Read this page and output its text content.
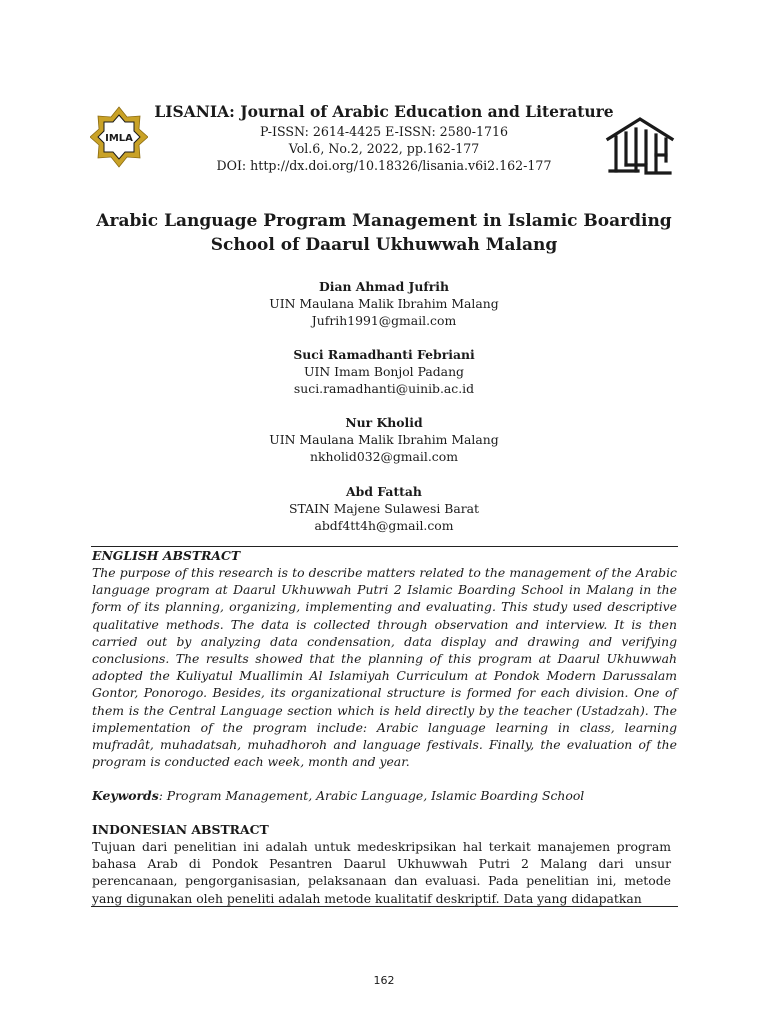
IMLA
LISANIA: Journal of Arabic Education and Literature
P-ISSN: 2614-4425 E-ISSN: 2580-1716
Vol.6, No.2, 2022, pp.162-177
DOI: http://dx.doi.org/10.18326/lisania.v6i2.162-177
Arabic Language Program Management in Islamic Boarding
School of Daarul Ukhuwwah Malang
Dian Ahmad Jufrih
UIN Maulana Malik Ibrahim Malang
Jufrih1991@gmail.com
Suci Ramadhanti Febriani
UIN Imam Bonjol Padang
suci.ramadhanti@uinib.ac.id
Nur Kholid
UIN Maulana Malik Ibrahim Malang
nkholid032@gmail.com
Abd Fattah
STAIN Majene Sulawesi Barat
abdf4tt4h@gmail.com
ENGLISH ABSTRACT
The purpose of this research is to describe matters related to the management of the Arabic language program at Daarul Ukhuwwah Putri 2 Islamic Boarding School in Malang in the form of its planning, organizing, implementing and evaluating. This study used descriptive qualitative methods. The data is collected through observation and interview. It is then carried out by analyzing data condensation, data display and drawing and verifying conclusions. The results showed that the planning of this program at Daarul Ukhuwwah adopted the Kuliyatul Muallimin Al Islamiyah Curriculum at Pondok Modern Darussalam Gontor, Ponorogo. Besides, its organizational structure is formed for each division. One of them is the Central Language section which is held directly by the teacher (Ustadzah). The implementation of the program include: Arabic language learning in class, learning mufradât, muhadatsah, muhadhoroh and language festivals. Finally, the evaluation of the program is conducted each week, month and year.
Keywords: Program Management, Arabic Language, Islamic Boarding School
INDONESIAN ABSTRACT
Tujuan dari penelitian ini adalah untuk medeskripsikan hal terkait manajemen program bahasa Arab di Pondok Pesantren Daarul Ukhuwwah Putri 2 Malang dari unsur perencanaan, pengorganisasian, pelaksanaan dan evaluasi. Pada penelitian ini, metode yang digunakan oleh peneliti adalah metode kualitatif deskriptif. Data yang didapatkan
162
